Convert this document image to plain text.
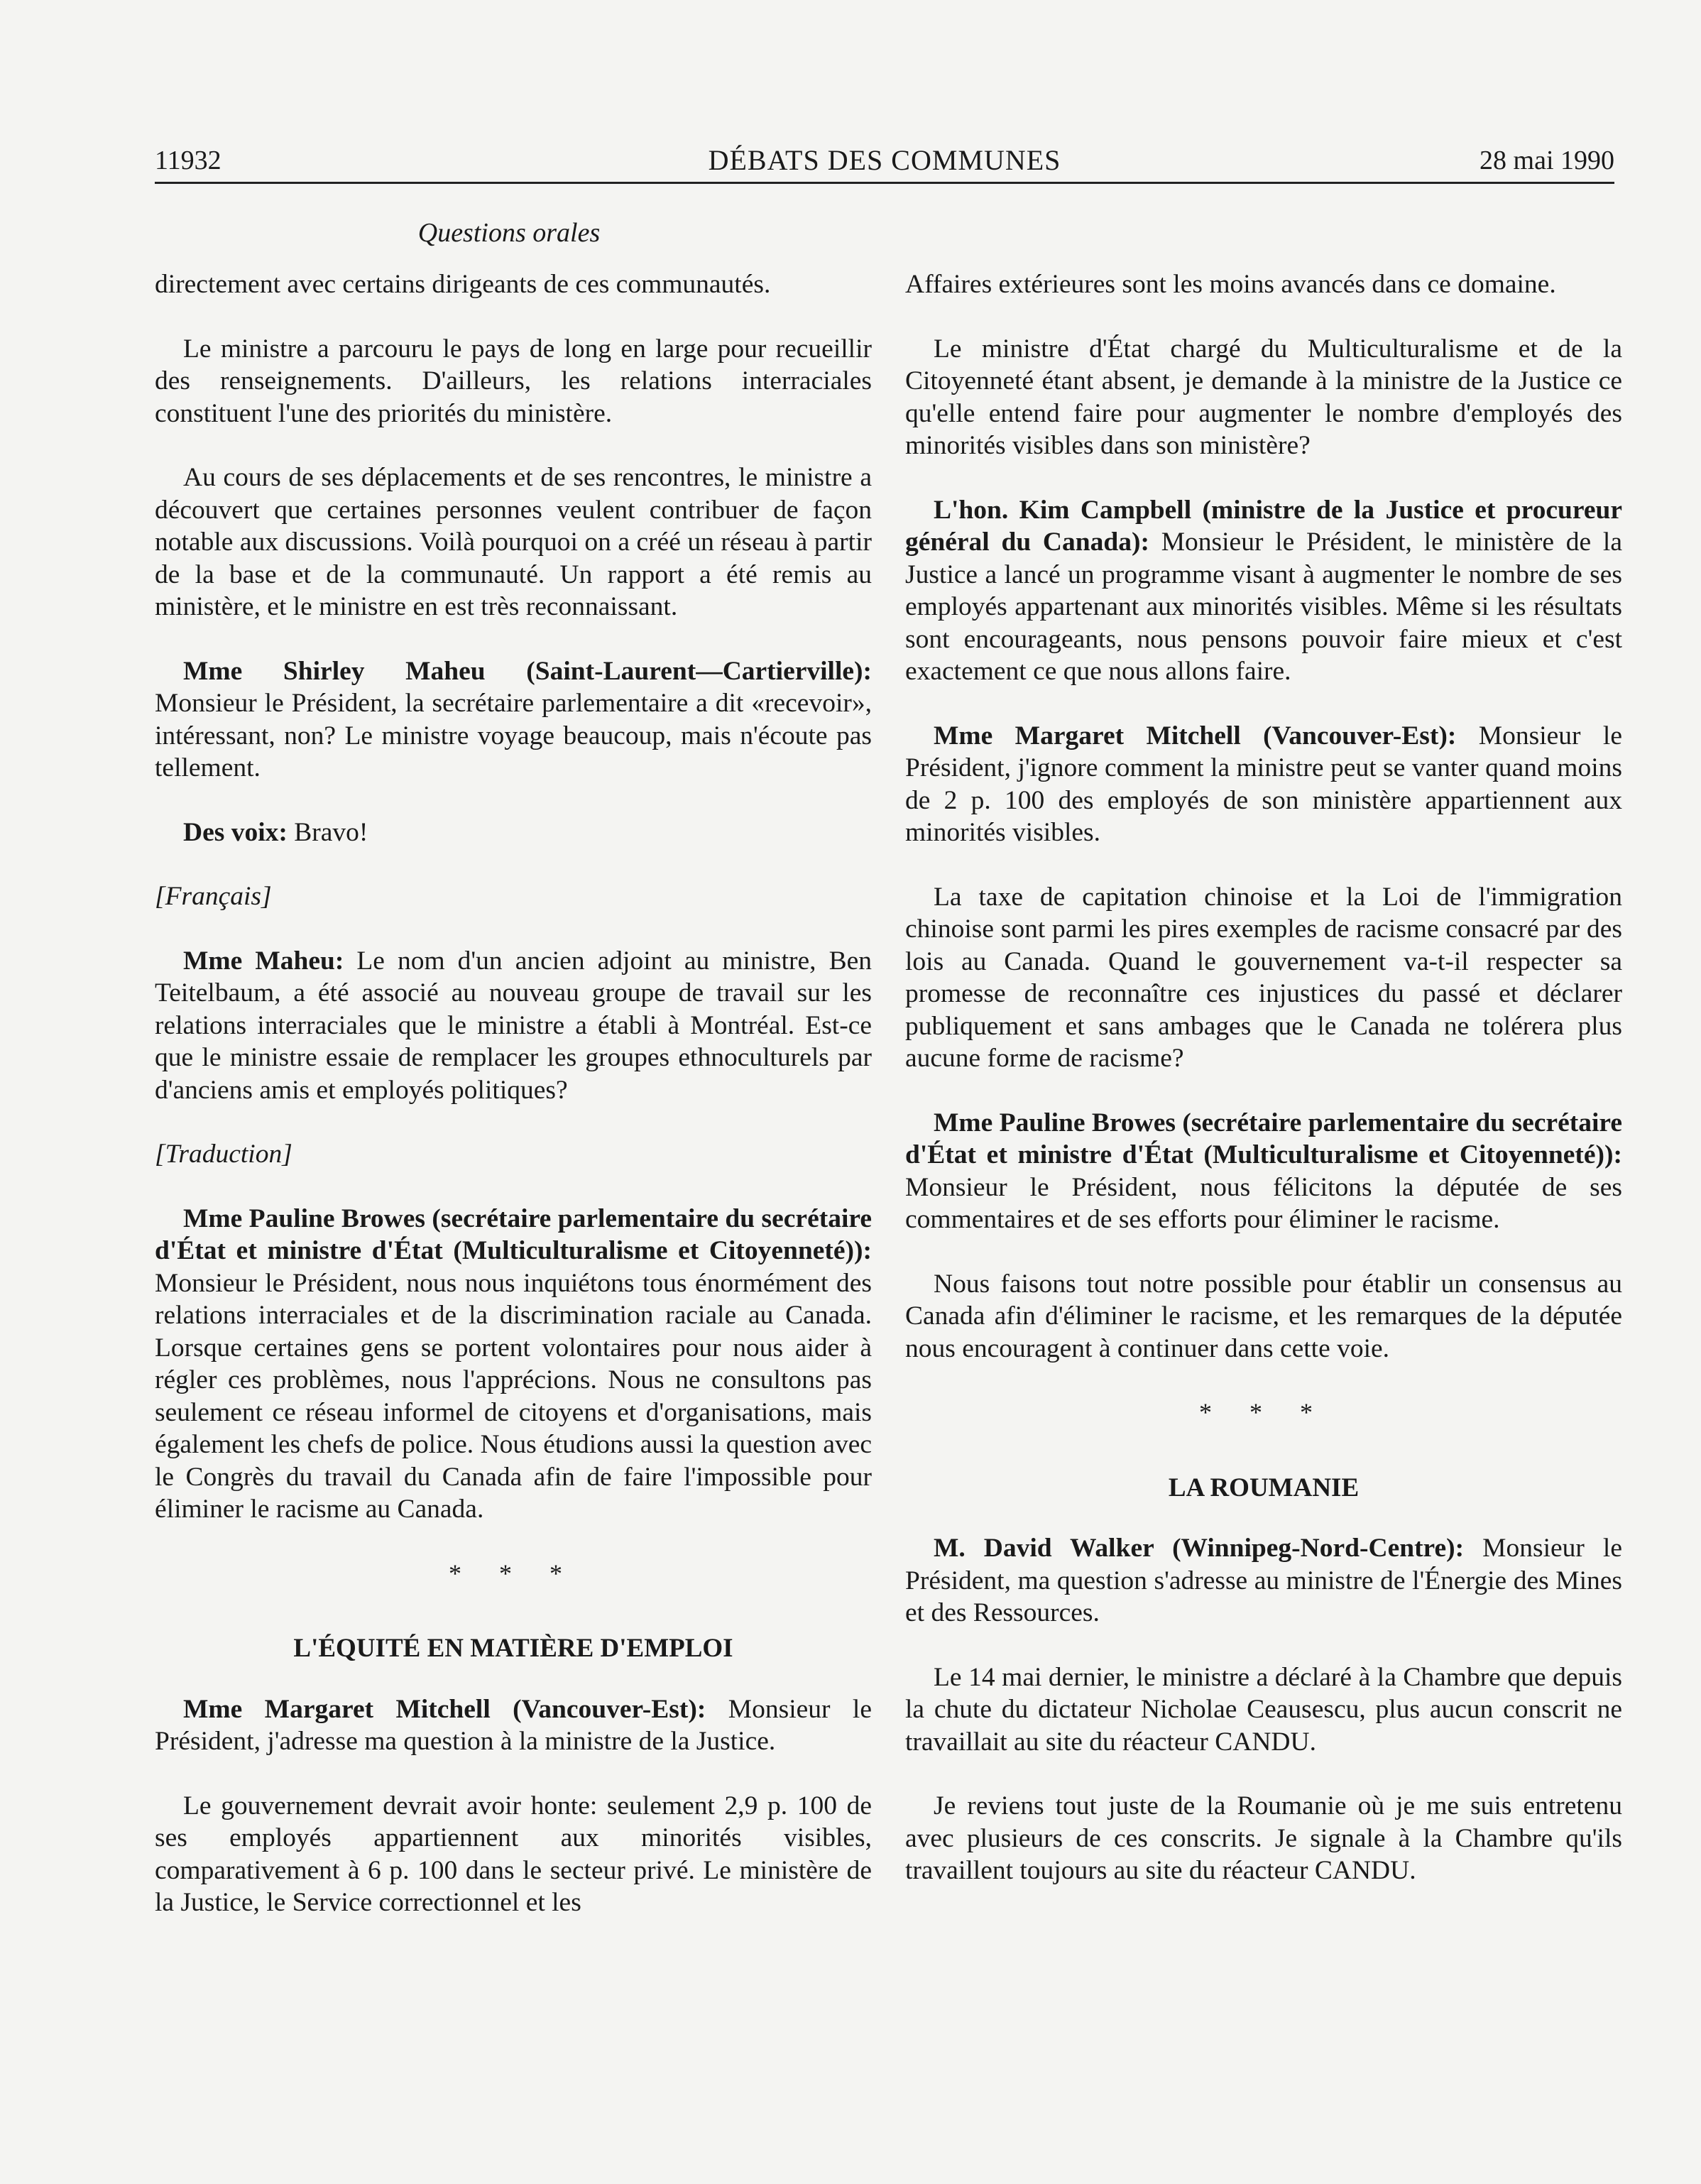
11932	DÉBATS DES COMMUNES	28 mai 1990
Questions orales

directement avec certains dirigeants de ces communautés.

Le ministre a parcouru le pays de long en large pour recueillir des renseignements. D'ailleurs, les relations interraciales constituent l'une des priorités du ministère.

Au cours de ses déplacements et de ses rencontres, le ministre a découvert que certaines personnes veulent contribuer de façon notable aux discussions. Voilà pourquoi on a créé un réseau à partir de la base et de la communauté. Un rapport a été remis au ministère, et le ministre en est très reconnaissant.

Mme Shirley Maheu (Saint-Laurent—Cartierville): Monsieur le Président, la secrétaire parlementaire a dit «recevoir», intéressant, non? Le ministre voyage beaucoup, mais n'écoute pas tellement.

Des voix: Bravo!

[Français]

Mme Maheu: Le nom d'un ancien adjoint au ministre, Ben Teitelbaum, a été associé au nouveau groupe de travail sur les relations interraciales que le ministre a établi à Montréal. Est-ce que le ministre essaie de remplacer les groupes ethnoculturels par d'anciens amis et employés politiques?

[Traduction]

Mme Pauline Browes (secrétaire parlementaire du secrétaire d'État et ministre d'État (Multiculturalisme et Citoyenneté)): Monsieur le Président, nous nous inquiétons tous énormément des relations interraciales et de la discrimination raciale au Canada. Lorsque certaines gens se portent volontaires pour nous aider à régler ces problèmes, nous l'apprécions. Nous ne consultons pas seulement ce réseau informel de citoyens et d'organisations, mais également les chefs de police. Nous étudions aussi la question avec le Congrès du travail du Canada afin de faire l'impossible pour éliminer le racisme au Canada.

* * *
L'ÉQUITÉ EN MATIÈRE D'EMPLOI

Mme Margaret Mitchell (Vancouver-Est): Monsieur le Président, j'adresse ma question à la ministre de la Justice.

Le gouvernement devrait avoir honte: seulement 2,9 p. 100 de ses employés appartiennent aux minorités visibles, comparativement à 6 p. 100 dans le secteur privé. Le ministère de la Justice, le Service correctionnel et les

Affaires extérieures sont les moins avancés dans ce domaine.

Le ministre d'État chargé du Multiculturalisme et de la Citoyenneté étant absent, je demande à la ministre de la Justice ce qu'elle entend faire pour augmenter le nombre d'employés des minorités visibles dans son ministère?

L'hon. Kim Campbell (ministre de la Justice et procureur général du Canada): Monsieur le Président, le ministère de la Justice a lancé un programme visant à augmenter le nombre de ses employés appartenant aux minorités visibles. Même si les résultats sont encourageants, nous pensons pouvoir faire mieux et c'est exactement ce que nous allons faire.

Mme Margaret Mitchell (Vancouver-Est): Monsieur le Président, j'ignore comment la ministre peut se vanter quand moins de 2 p. 100 des employés de son ministère appartiennent aux minorités visibles.

La taxe de capitation chinoise et la Loi de l'immigration chinoise sont parmi les pires exemples de racisme consacré par des lois au Canada. Quand le gouvernement va-t-il respecter sa promesse de reconnaître ces injustices du passé et déclarer publiquement et sans ambages que le Canada ne tolérera plus aucune forme de racisme?

Mme Pauline Browes (secrétaire parlementaire du secrétaire d'État et ministre d'État (Multiculturalisme et Citoyenneté)): Monsieur le Président, nous félicitons la députée de ses commentaires et de ses efforts pour éliminer le racisme.

Nous faisons tout notre possible pour établir un consensus au Canada afin d'éliminer le racisme, et les remarques de la députée nous encouragent à continuer dans cette voie.

* * *
LA ROUMANIE

M. David Walker (Winnipeg-Nord-Centre): Monsieur le Président, ma question s'adresse au ministre de l'Énergie des Mines et des Ressources.

Le 14 mai dernier, le ministre a déclaré à la Chambre que depuis la chute du dictateur Nicholae Ceausescu, plus aucun conscrit ne travaillait au site du réacteur CANDU.

Je reviens tout juste de la Roumanie où je me suis entretenu avec plusieurs de ces conscrits. Je signale à la Chambre qu'ils travaillent toujours au site du réacteur CANDU.
